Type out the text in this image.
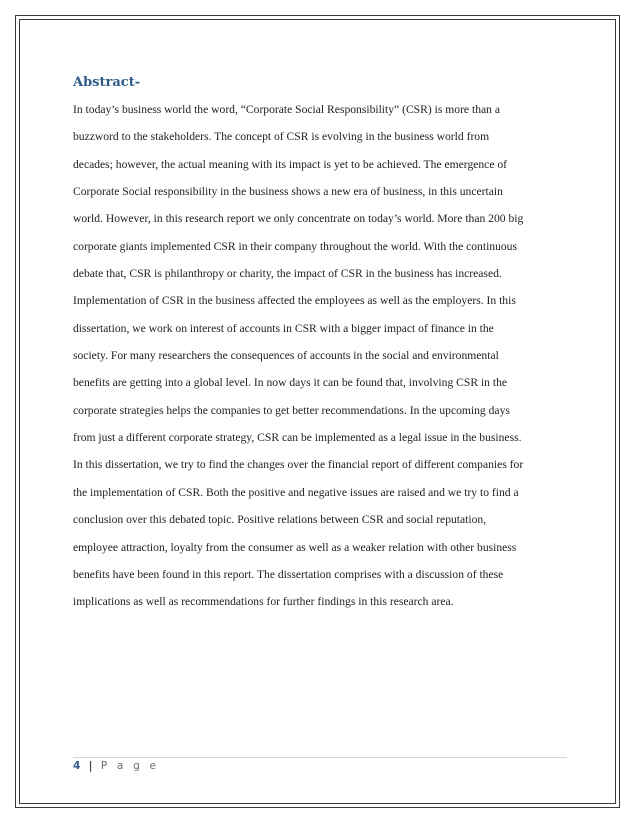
Abstract-

In today’s business world the word, “Corporate Social Responsibility” (CSR) is more than a
buzzword to the stakeholders. The concept of CSR is evolving in the business world from
decades; however, the actual meaning with its impact is yet to be achieved. The emergence of
Corporate Social responsibility in the business shows a new era of business, in this uncertain
world. However, in this research report we only concentrate on today’s world. More than 200 big
corporate giants implemented CSR in their company throughout the world. With the continuous
debate that, CSR is philanthropy or charity, the impact of CSR in the business has increased.
Implementation of CSR in the business affected the employees as well as the employers. In this
dissertation, we work on interest of accounts in CSR with a bigger impact of finance in the
society. For many researchers the consequences of accounts in the social and environmental
benefits are getting into a global level. In now days it can be found that, involving CSR in the
corporate strategies helps the companies to get better recommendations. In the upcoming days
from just a different corporate strategy, CSR can be implemented as a legal issue in the business.
In this dissertation, we try to find the changes over the financial report of different companies for
the implementation of CSR. Both the positive and negative issues are raised and we try to find a
conclusion over this debated topic. Positive relations between CSR and social reputation,
employee attraction, loyalty from the consumer as well as a weaker relation with other business
benefits have been found in this report. The dissertation comprises with a discussion of these
implications as well as recommendations for further findings in this research area.

4 | P a g e
